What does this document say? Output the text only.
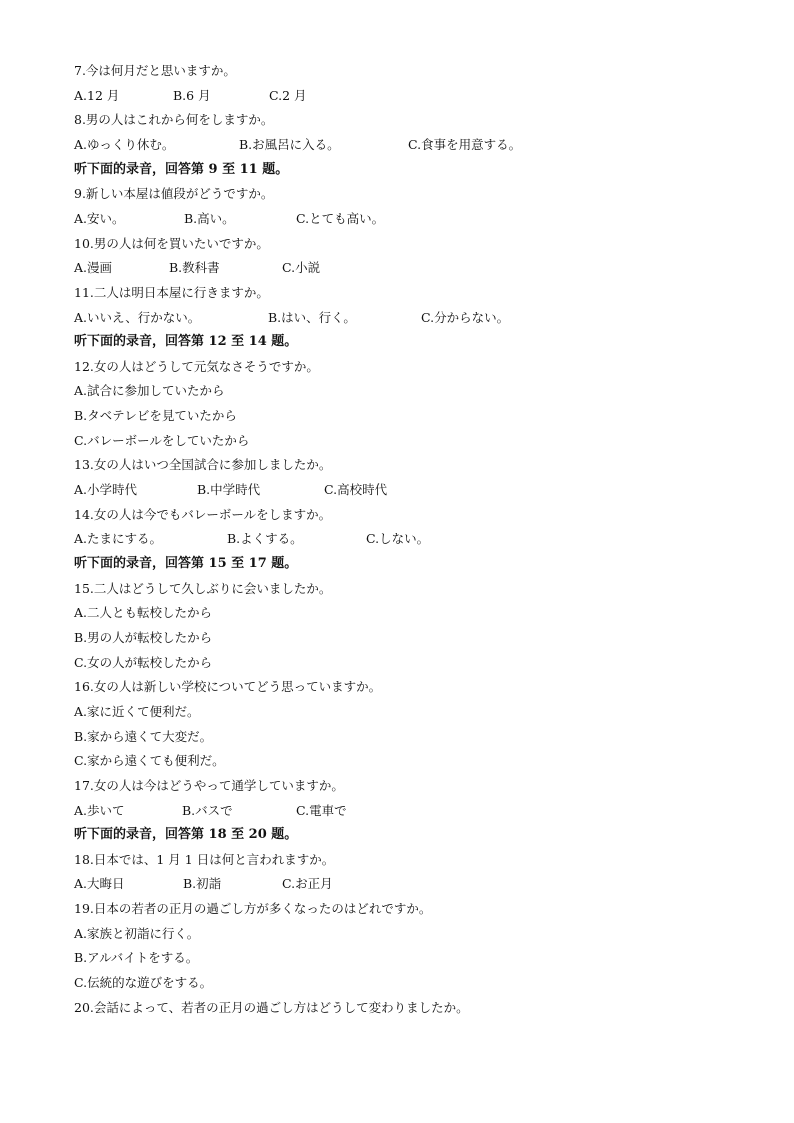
7.今は何月だと思いますか。
A.12 月	B.6 月	C.2 月
8.男の人はこれから何をしますか。
A.ゆっくり休む。	B.お風呂に入る。	C.食事を用意する。
听下面的录音，回答第 9 至 11 题。
9.新しい本屋は値段がどうですか。
A.安い。	B.高い。	C.とても高い。
10.男の人は何を買いたいですか。
A.漫画	B.教科書	C.小説
11.二人は明日本屋に行きますか。
A.いいえ、行かない。	B.はい、行く。	C.分からない。
听下面的录音，回答第 12 至 14 题。
12.女の人はどうして元気なさそうですか。
A.試合に参加していたから
B.タベテレビを見ていたから
C.バレーボールをしていたから
13.女の人はいつ全国試合に参加しましたか。
A.小学時代	B.中学時代	C.高校時代
14.女の人は今でもバレーボールをしますか。
A.たまにする。	B.よくする。	C.しない。
听下面的录音，回答第 15 至 17 题。
15.二人はどうして久しぶりに会いましたか。
A.二人とも転校したから
B.男の人が転校したから
C.女の人が転校したから
16.女の人は新しい学校についてどう思っていますか。
A.家に近くて便利だ。
B.家から遠くて大変だ。
C.家から遠くても便利だ。
17.女の人は今はどうやって通学していますか。
A.歩いて	B.バスで	C.電車で
听下面的录音，回答第 18 至 20 题。
18.日本では、1 月 1 日は何と言われますか。
A.大晦日	B.初詣	C.お正月
19.日本の若者の正月の過ごし方が多くなったのはどれですか。
A.家族と初詣に行く。
B.アルバイトをする。
C.伝統的な遊びをする。
20.会話によって、若者の正月の過ごし方はどうして変わりましたか。
